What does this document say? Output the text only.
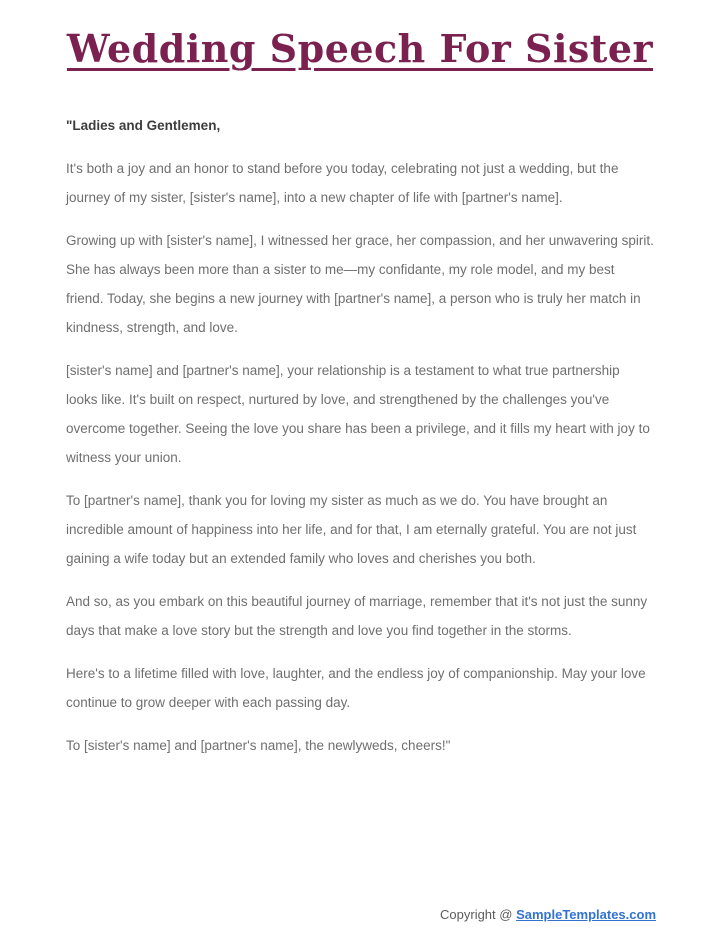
Wedding Speech For Sister

"Ladies and Gentlemen,

It's both a joy and an honor to stand before you today, celebrating not just a wedding, but the journey of my sister, [sister's name], into a new chapter of life with [partner's name].

Growing up with [sister's name], I witnessed her grace, her compassion, and her unwavering spirit. She has always been more than a sister to me—my confidante, my role model, and my best friend. Today, she begins a new journey with [partner's name], a person who is truly her match in kindness, strength, and love.

[sister's name] and [partner's name], your relationship is a testament to what true partnership looks like. It's built on respect, nurtured by love, and strengthened by the challenges you've overcome together. Seeing the love you share has been a privilege, and it fills my heart with joy to witness your union.

To [partner's name], thank you for loving my sister as much as we do. You have brought an incredible amount of happiness into her life, and for that, I am eternally grateful. You are not just gaining a wife today but an extended family who loves and cherishes you both.

And so, as you embark on this beautiful journey of marriage, remember that it's not just the sunny days that make a love story but the strength and love you find together in the storms.

Here's to a lifetime filled with love, laughter, and the endless joy of companionship. May your love continue to grow deeper with each passing day.

To [sister's name] and [partner's name], the newlyweds, cheers!"

Copyright @ SampleTemplates.com
